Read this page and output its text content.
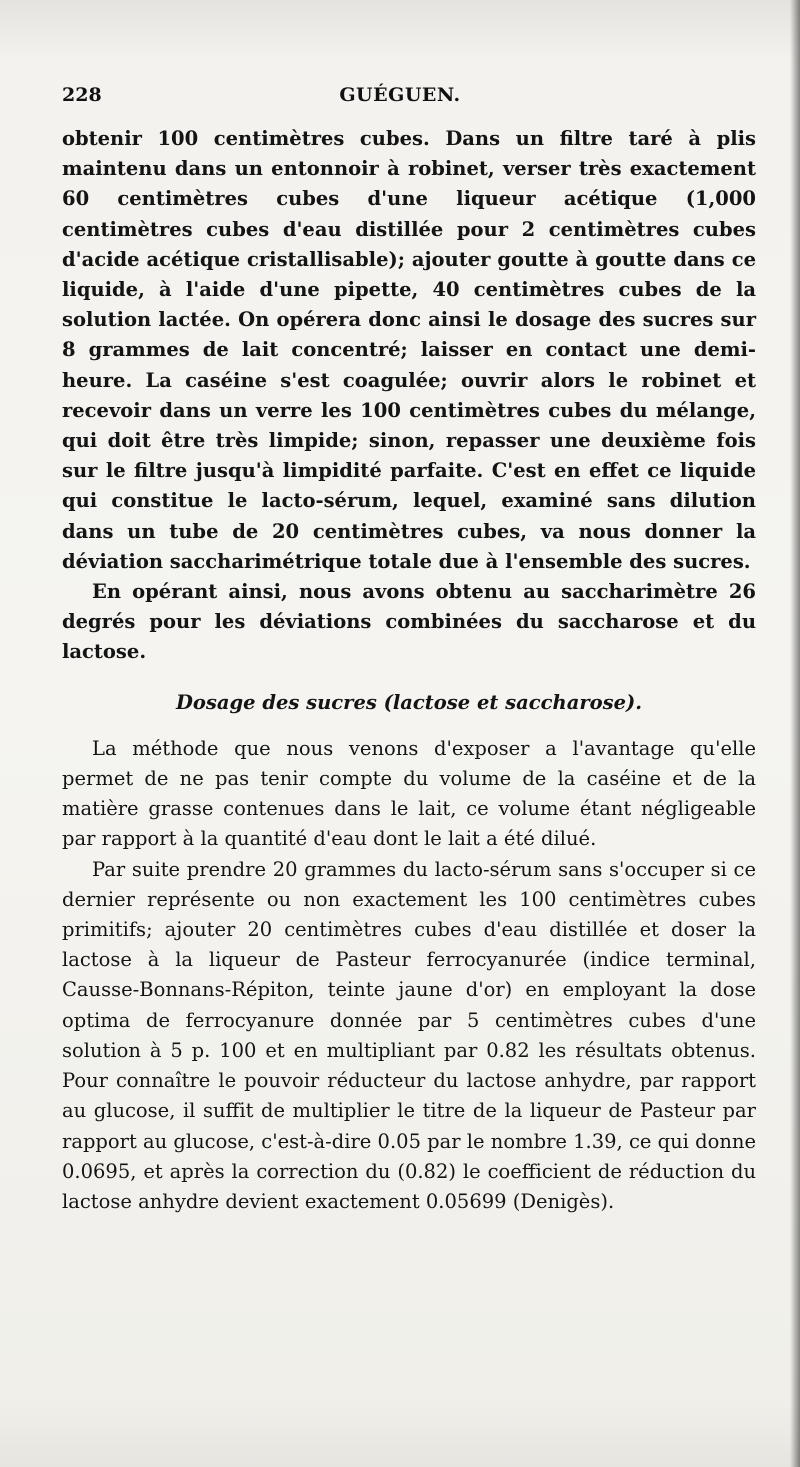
228	GUÉGUEN.

obtenir 100 centimètres cubes. Dans un filtre taré à plis maintenu dans un entonnoir à robinet, verser très exactement 60 centimètres cubes d'une liqueur acétique (1,000 centimètres cubes d'eau distillée pour 2 centimètres cubes d'acide acétique cristallisable); ajouter goutte à goutte dans ce liquide, à l'aide d'une pipette, 40 centimètres cubes de la solution lactée. On opérera donc ainsi le dosage des sucres sur 8 grammes de lait concentré; laisser en contact une demi-heure. La caséine s'est coagulée; ouvrir alors le robinet et recevoir dans un verre les 100 centimètres cubes du mélange, qui doit être très limpide; sinon, repasser une deuxième fois sur le filtre jusqu'à limpidité parfaite. C'est en effet ce liquide qui constitue le lacto-sérum, lequel, examiné sans dilution dans un tube de 20 centimètres cubes, va nous donner la déviation saccharimétrique totale due à l'ensemble des sucres.

En opérant ainsi, nous avons obtenu au saccharimètre 26 degrés pour les déviations combinées du saccharose et du lactose.

Dosage des sucres (lactose et saccharose).

La méthode que nous venons d'exposer a l'avantage qu'elle permet de ne pas tenir compte du volume de la caséine et de la matière grasse contenues dans le lait, ce volume étant négligeable par rapport à la quantité d'eau dont le lait a été dilué.

Par suite prendre 20 grammes du lacto-sérum sans s'occuper si ce dernier représente ou non exactement les 100 centimètres cubes primitifs; ajouter 20 centimètres cubes d'eau distillée et doser la lactose à la liqueur de Pasteur ferrocyanurée (indice terminal, Causse-Bonnans-Répiton, teinte jaune d'or) en employant la dose optima de ferrocyanure donnée par 5 centimètres cubes d'une solution à 5 p. 100 et en multipliant par 0.82 les résultats obtenus. Pour connaître le pouvoir réducteur du lactose anhydre, par rapport au glucose, il suffit de multiplier le titre de la liqueur de Pasteur par rapport au glucose, c'est-à-dire 0.05 par le nombre 1.39, ce qui donne 0.0695, et après la correction du (0.82) le coefficient de réduction du lactose anhydre devient exactement 0.05699 (Denigès).
